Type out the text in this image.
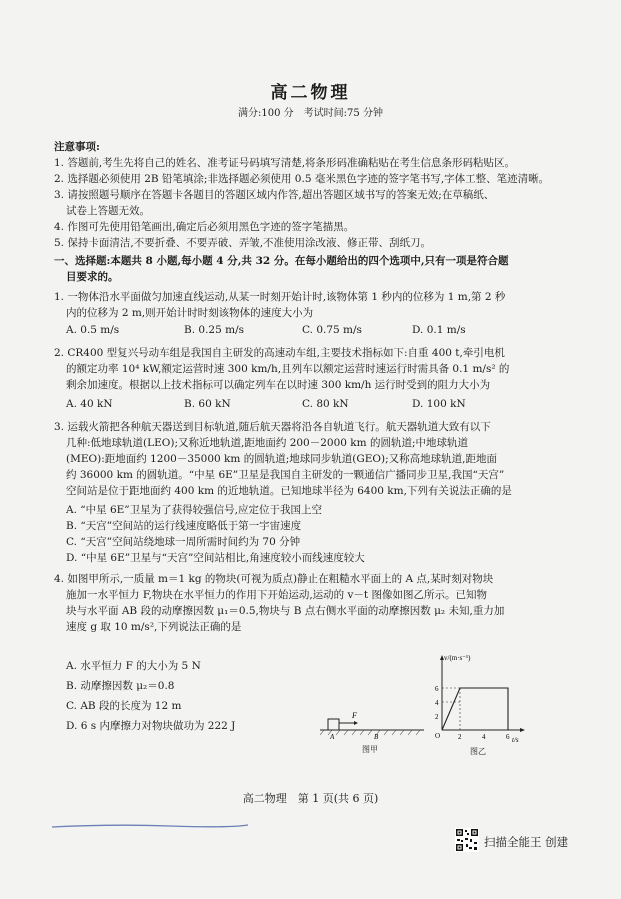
高二物理
满分:100 分　考试时间:75 分钟
注意事项:
1. 答题前,考生先将自己的姓名、准考证号码填写清楚,将条形码准确粘贴在考生信息条形码粘贴区。
2. 选择题必须使用 2B 铅笔填涂;非选择题必须使用 0.5 毫米黑色字迹的签字笔书写,字体工整、笔迹清晰。
3. 请按照题号顺序在答题卡各题目的答题区域内作答,超出答题区域书写的答案无效;在草稿纸、
试卷上答题无效。
4. 作图可先使用铅笔画出,确定后必须用黑色字迹的签字笔描黑。
5. 保持卡面清洁,不要折叠、不要弄破、弄皱,不准使用涂改液、修正带、刮纸刀。
一、选择题:本题共 8 小题,每小题 4 分,共 32 分。在每小题给出的四个选项中,只有一项是符合题
目要求的。
1. 一物体沿水平面做匀加速直线运动,从某一时刻开始计时,该物体第 1 秒内的位移为 1 m,第 2 秒
内的位移为 2 m,则开始计时时刻该物体的速度大小为
A. 0.5 m/s	B. 0.25 m/s	C. 0.75 m/s	D. 0.1 m/s
2. CR400 型复兴号动车组是我国自主研发的高速动车组,主要技术指标如下:自重 400 t,牵引电机
的额定功率 10⁴ kW,额定运营时速 300 km/h,且列车以额定运营时速运行时需具备 0.1 m/s² 的
剩余加速度。根据以上技术指标可以确定列车在以时速 300 km/h 运行时受到的阻力大小为
A. 40 kN	B. 60 kN	C. 80 kN	D. 100 kN
3. 运载火箭把各种航天器送到目标轨道,随后航天器将沿各自轨道飞行。航天器轨道大致有以下
几种:低地球轨道(LEO);又称近地轨道,距地面约 200－2000 km 的圆轨道;中地球轨道
(MEO):距地面约 1200－35000 km 的圆轨道;地球同步轨道(GEO);又称高地球轨道,距地面
约 36000 km 的圆轨道。“中星 6E”卫星是我国自主研发的一颗通信广播同步卫星,我国“天宫”
空间站是位于距地面约 400 km 的近地轨道。已知地球半径为 6400 km,下列有关说法正确的是
A. “中星 6E”卫星为了获得较强信号,应定位于我国上空
B. “天宫”空间站的运行线速度略低于第一宇宙速度
C. “天宫”空间站绕地球一周所需时间约为 70 分钟
D. “中星 6E”卫星与“天宫”空间站相比,角速度较小而线速度较大
4. 如图甲所示,一质量 m＝1 kg 的物块(可视为质点)静止在粗糙水平面上的 A 点,某时刻对物块
施加一水平恒力 F,物块在水平恒力的作用下开始运动,运动的 v－t 图像如图乙所示。已知物
块与水平面 AB 段的动摩擦因数 μ₁＝0.5,物块与 B 点右侧水平面的动摩擦因数 μ₂ 未知,重力加
速度 g 取 10 m/s²,下列说法正确的是
A. 水平恒力 F 的大小为 5 N
B. 动摩擦因数 μ₂＝0.8
C. AB 段的长度为 12 m
D. 6 s 内摩擦力对物块做功为 222 J
F
A	B
图甲
v/(m·s⁻¹)
t/s
O
6
4
2
2	4	6
图乙
高二物理　第 1 页(共 6 页)
扫描全能王 创建
